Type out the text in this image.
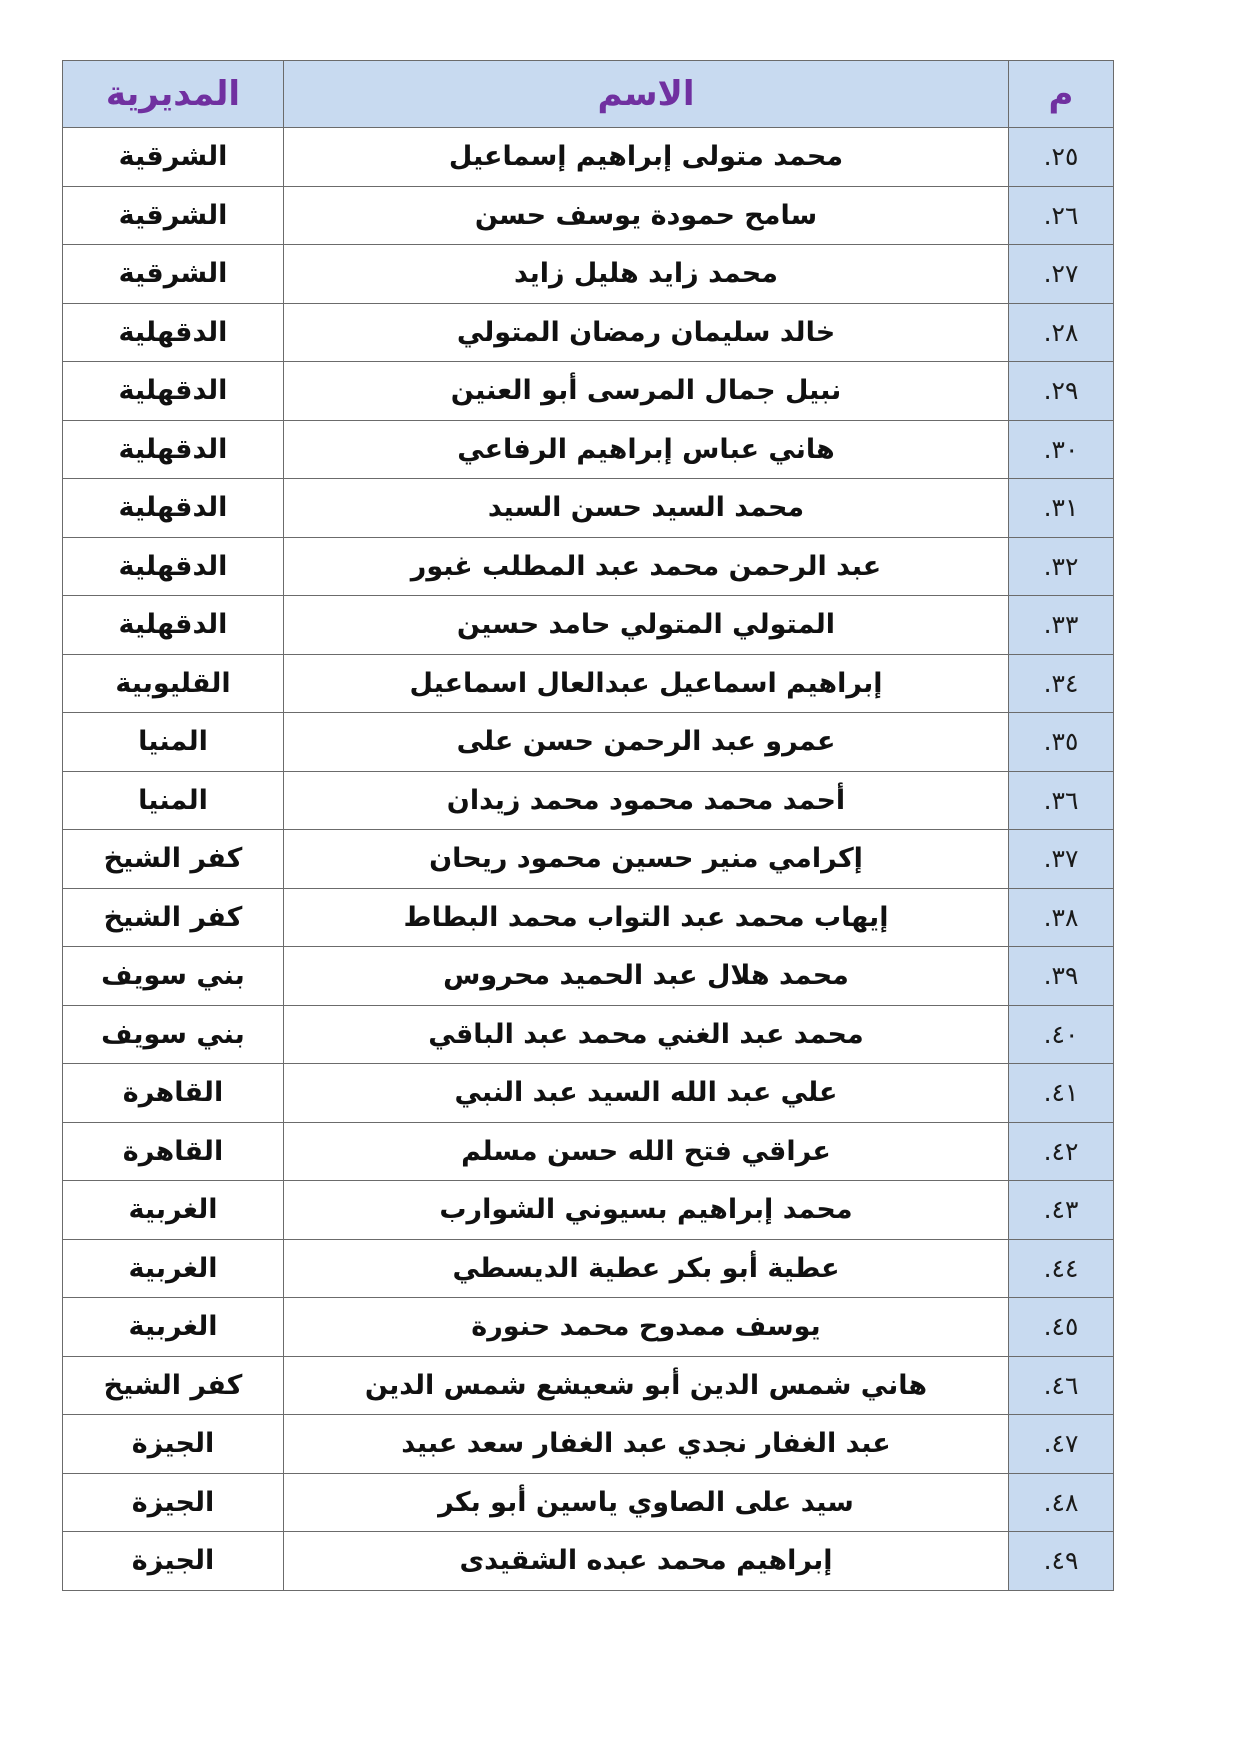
م	الاسم	المديرية
٢٥.	محمد متولى إبراهيم إسماعيل	الشرقية
٢٦.	سامح حمودة يوسف حسن	الشرقية
٢٧.	محمد زايد هليل زايد	الشرقية
٢٨.	خالد سليمان رمضان المتولي	الدقهلية
٢٩.	نبيل جمال المرسى أبو العنين	الدقهلية
٣٠.	هاني عباس إبراهيم الرفاعي	الدقهلية
٣١.	محمد السيد حسن السيد	الدقهلية
٣٢.	عبد الرحمن محمد عبد المطلب غبور	الدقهلية
٣٣.	المتولي المتولي حامد حسين	الدقهلية
٣٤.	إبراهيم اسماعيل عبدالعال اسماعيل	القليوبية
٣٥.	عمرو عبد الرحمن حسن على	المنيا
٣٦.	أحمد محمد محمود محمد زيدان	المنيا
٣٧.	إكرامي منير حسين محمود ريحان	كفر الشيخ
٣٨.	إيهاب محمد عبد التواب محمد البطاط	كفر الشيخ
٣٩.	محمد هلال عبد الحميد محروس	بني سويف
٤٠.	محمد عبد الغني محمد عبد الباقي	بني سويف
٤١.	علي عبد الله السيد عبد النبي	القاهرة
٤٢.	عراقي فتح الله حسن مسلم	القاهرة
٤٣.	محمد إبراهيم بسيوني الشوارب	الغربية
٤٤.	عطية أبو بكر عطية الديسطي	الغربية
٤٥.	يوسف ممدوح محمد حنورة	الغربية
٤٦.	هاني شمس الدين أبو شعيشع شمس الدين	كفر الشيخ
٤٧.	عبد الغفار نجدي عبد الغفار سعد عبيد	الجيزة
٤٨.	سيد على الصاوي ياسين أبو بكر	الجيزة
٤٩.	إبراهيم محمد عبده الشقيدى	الجيزة
